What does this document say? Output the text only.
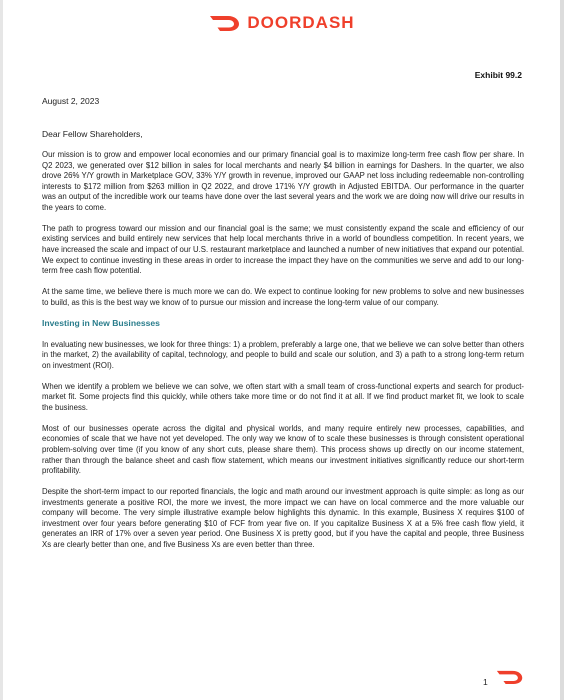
DOORDASH
Exhibit 99.2
August 2, 2023
Dear Fellow Shareholders,

Our mission is to grow and empower local economies and our primary financial goal is to maximize long-term free cash flow per share. In Q2 2023, we generated over $12 billion in sales for local merchants and nearly $4 billion in earnings for Dashers. In the quarter, we also drove 26% Y/Y growth in Marketplace GOV, 33% Y/Y growth in revenue, improved our GAAP net loss including redeemable non-controlling interests to $172 million from $263 million in Q2 2022, and drove 171% Y/Y growth in Adjusted EBITDA. Our performance in the quarter was an output of the incredible work our teams have done over the last several years and the work we are doing now will drive our results in the years to come.

The path to progress toward our mission and our financial goal is the same; we must consistently expand the scale and efficiency of our existing services and build entirely new services that help local merchants thrive in a world of boundless competition. In recent years, we have increased the scale and impact of our U.S. restaurant marketplace and launched a number of new initiatives that expand our potential. We expect to continue investing in these areas in order to increase the impact they have on the communities we serve and add to our long-term free cash flow potential.

At the same time, we believe there is much more we can do. We expect to continue looking for new problems to solve and new businesses to build, as this is the best way we know of to pursue our mission and increase the long-term value of our company.

Investing in New Businesses

In evaluating new businesses, we look for three things: 1) a problem, preferably a large one, that we believe we can solve better than others in the market, 2) the availability of capital, technology, and people to build and scale our solution, and 3) a path to a strong long-term return on investment (ROI).

When we identify a problem we believe we can solve, we often start with a small team of cross-functional experts and search for product-market fit. Some projects find this quickly, while others take more time or do not find it at all. If we find product market fit, we look to scale the business.

Most of our businesses operate across the digital and physical worlds, and many require entirely new processes, capabilities, and economies of scale that we have not yet developed. The only way we know of to scale these businesses is through consistent operational problem-solving over time (if you know of any short cuts, please share them). This process shows up directly on our income statement, rather than through the balance sheet and cash flow statement, which means our investment initiatives significantly reduce our short-term profitability.

Despite the short-term impact to our reported financials, the logic and math around our investment approach is quite simple: as long as our investments generate a positive ROI, the more we invest, the more impact we can have on local commerce and the more valuable our company will become. The very simple illustrative example below highlights this dynamic. In this example, Business X requires $100 of investment over four years before generating $10 of FCF from year five on. If you capitalize Business X at a 5% free cash flow yield, it generates an IRR of 17% over a seven year period. One Business X is pretty good, but if you have the capital and people, three Business Xs are clearly better than one, and five Business Xs are even better than three.

1
